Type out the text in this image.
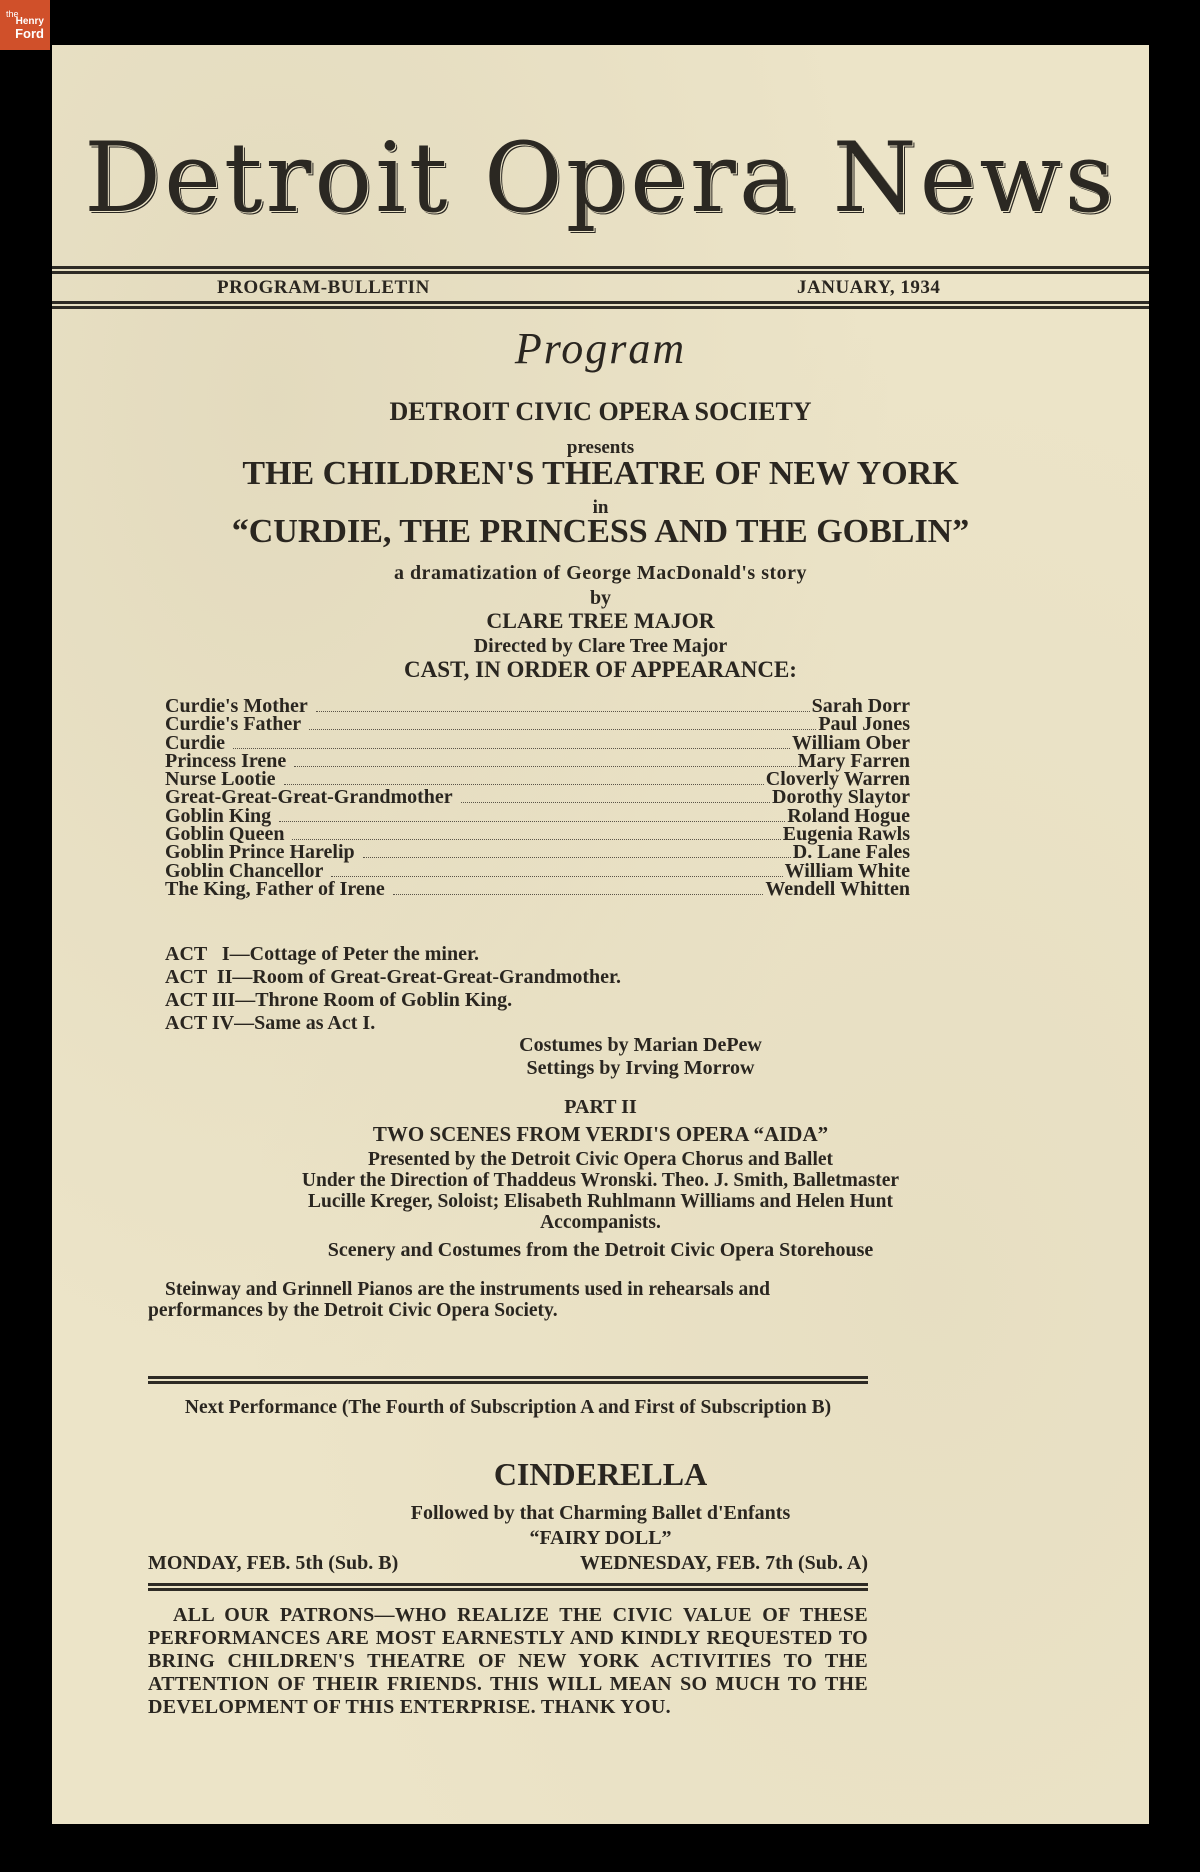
the
Henry
Ford
Detroit Opera News
PROGRAM-BULLETIN	JANUARY, 1934
Program
DETROIT CIVIC OPERA SOCIETY
presents
THE CHILDREN'S THEATRE OF NEW YORK
in
“CURDIE, THE PRINCESS AND THE GOBLIN”
a dramatization of George MacDonald's story
by
CLARE TREE MAJOR
Directed by Clare Tree Major
CAST, IN ORDER OF APPEARANCE:
Curdie's Mother	Sarah Dorr
Curdie's Father	Paul Jones
Curdie	William Ober
Princess Irene	Mary Farren
Nurse Lootie	Cloverly Warren
Great-Great-Great-Grandmother	Dorothy Slaytor
Goblin King	Roland Hogue
Goblin Queen	Eugenia Rawls
Goblin Prince Harelip	D. Lane Fales
Goblin Chancellor	William White
The King, Father of Irene	Wendell Whitten
ACT   I—Cottage of Peter the miner.
ACT  II—Room of Great-Great-Great-Grandmother.
ACT III—Throne Room of Goblin King.
ACT IV—Same as Act I.
Costumes by Marian DePew
Settings by Irving Morrow
PART II
TWO SCENES FROM VERDI'S OPERA “AIDA”
Presented by the Detroit Civic Opera Chorus and Ballet
Under the Direction of Thaddeus Wronski. Theo. J. Smith, Balletmaster
Lucille Kreger, Soloist; Elisabeth Ruhlmann Williams and Helen Hunt
Accompanists.
Scenery and Costumes from the Detroit Civic Opera Storehouse
Steinway and Grinnell Pianos are the instruments used in rehearsals and performances by the Detroit Civic Opera Society.
Next Performance (The Fourth of Subscription A and First of Subscription B)
CINDERELLA
Followed by that Charming Ballet d'Enfants
“FAIRY DOLL”
MONDAY, FEB. 5th (Sub. B)	WEDNESDAY, FEB. 7th (Sub. A)
ALL OUR PATRONS—WHO REALIZE THE CIVIC VALUE OF THESE PERFORMANCES ARE MOST EARNESTLY AND KINDLY REQUESTED TO BRING CHILDREN'S THEATRE OF NEW YORK ACTIVITIES TO THE ATTENTION OF THEIR FRIENDS. THIS WILL MEAN SO MUCH TO THE DEVELOPMENT OF THIS ENTERPRISE. THANK YOU.
